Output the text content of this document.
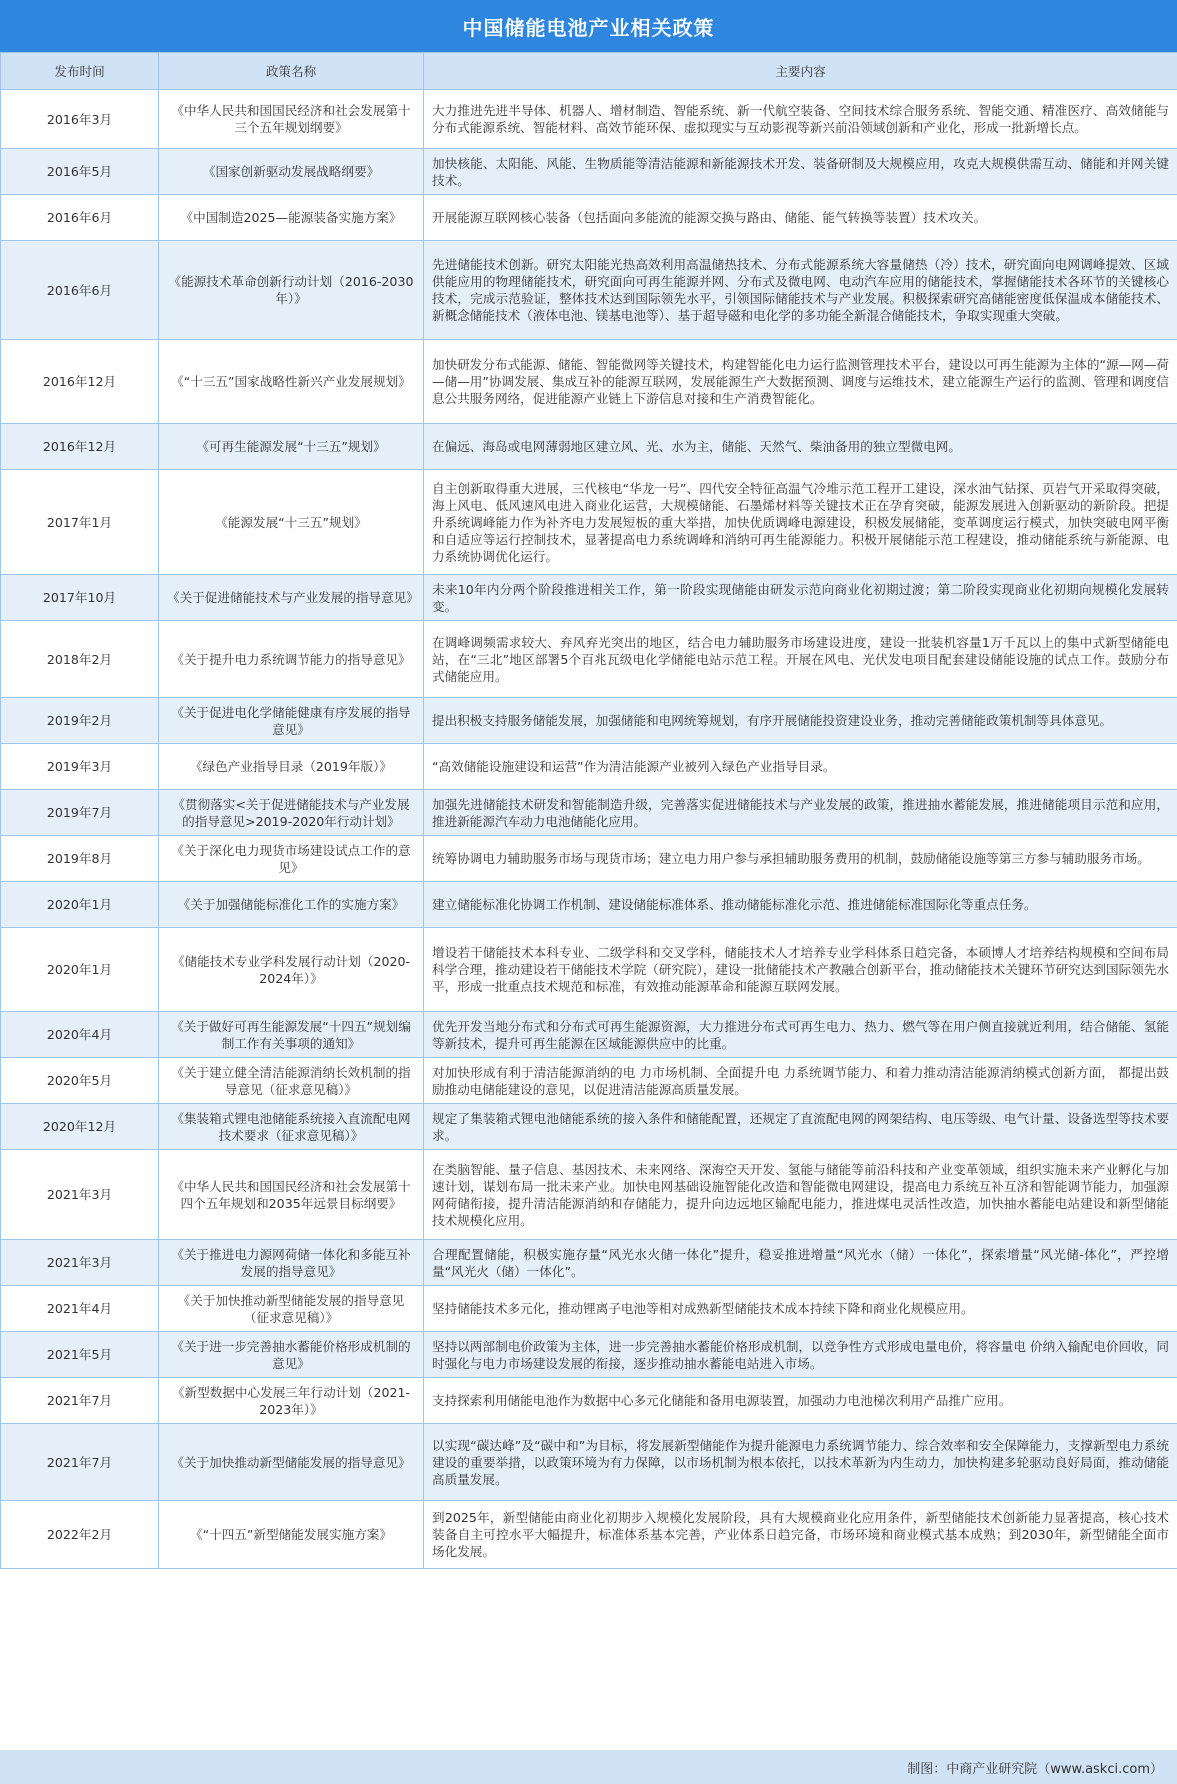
中国储能电池产业相关政策
发布时间	政策名称	主要内容
2016年3月	《中华人民共和国国民经济和社会发展第十三个五年规划纲要》	大力推进先进半导体、机器人、增材制造、智能系统、新一代航空装备、空间技术综合服务系统、智能交通、精准医疗、高效储能与分布式能源系统、智能材料、高效节能环保、虚拟现实与互动影视等新兴前沿领域创新和产业化，形成一批新增长点。
2016年5月	《国家创新驱动发展战略纲要》	加快核能、太阳能、风能、生物质能等清洁能源和新能源技术开发、装备研制及大规模应用，攻克大规模供需互动、储能和并网关键技术。
2016年6月	《中国制造2025—能源装备实施方案》	开展能源互联网核心装备（包括面向多能流的能源交换与路由、储能、能气转换等装置）技术攻关。
2016年6月	《能源技术革命创新行动计划（2016-2030年）》	先进储能技术创新。研究太阳能光热高效利用高温储热技术、分布式能源系统大容量储热（冷）技术，研究面向电网调峰提效、区域供能应用的物理储能技术，研究面向可再生能源并网、分布式及微电网、电动汽车应用的储能技术，掌握储能技术各环节的关键核心技术，完成示范验证，整体技术达到国际领先水平，引领国际储能技术与产业发展。积极探索研究高储能密度低保温成本储能技术、新概念储能技术（液体电池、镁基电池等）、基于超导磁和电化学的多功能全新混合储能技术，争取实现重大突破。
2016年12月	《“十三五”国家战略性新兴产业发展规划》	加快研发分布式能源、储能、智能微网等关键技术，构建智能化电力运行监测管理技术平台，建设以可再生能源为主体的“源—网—荷—储—用”协调发展、集成互补的能源互联网，发展能源生产大数据预测、调度与运维技术，建立能源生产运行的监测、管理和调度信息公共服务网络，促进能源产业链上下游信息对接和生产消费智能化。
2016年12月	《可再生能源发展“十三五”规划》	在偏远、海岛或电网薄弱地区建立风、光、水为主，储能、天然气、柴油备用的独立型微电网。
2017年1月	《能源发展“十三五”规划》	自主创新取得重大进展，三代核电“华龙一号”、四代安全特征高温气冷堆示范工程开工建设，深水油气钻探、页岩气开采取得突破，海上风电、低风速风电进入商业化运营，大规模储能、石墨烯材料等关键技术正在孕育突破，能源发展进入创新驱动的新阶段。把提升系统调峰能力作为补齐电力发展短板的重大举措，加快优质调峰电源建设，积极发展储能，变革调度运行模式，加快突破电网平衡和自适应等运行控制技术，显著提高电力系统调峰和消纳可再生能源能力。积极开展储能示范工程建设，推动储能系统与新能源、电力系统协调优化运行。
2017年10月	《关于促进储能技术与产业发展的指导意见》	未来10年内分两个阶段推进相关工作，第一阶段实现储能由研发示范向商业化初期过渡；第二阶段实现商业化初期向规模化发展转变。
2018年2月	《关于提升电力系统调节能力的指导意见》	在调峰调频需求较大、弃风弃光突出的地区，结合电力辅助服务市场建设进度，建设一批装机容量1万千瓦以上的集中式新型储能电站，在“三北”地区部署5个百兆瓦级电化学储能电站示范工程。开展在风电、光伏发电项目配套建设储能设施的试点工作。鼓励分布式储能应用。
2019年2月	《关于促进电化学储能健康有序发展的指导意见》	提出积极支持服务储能发展，加强储能和电网统筹规划，有序开展储能投资建设业务，推动完善储能政策机制等具体意见。
2019年3月	《绿色产业指导目录（2019年版）》	“高效储能设施建设和运营”作为清洁能源产业被列入绿色产业指导目录。
2019年7月	《贯彻落实<关于促进储能技术与产业发展的指导意见>2019-2020年行动计划》	加强先进储能技术研发和智能制造升级，完善落实促进储能技术与产业发展的政策，推进抽水蓄能发展，推进储能项目示范和应用，推进新能源汽车动力电池储能化应用。
2019年8月	《关于深化电力现货市场建设试点工作的意见》	统筹协调电力辅助服务市场与现货市场；建立电力用户参与承担辅助服务费用的机制，鼓励储能设施等第三方参与辅助服务市场。
2020年1月	《关于加强储能标准化工作的实施方案》	建立储能标准化协调工作机制、建设储能标准体系、推动储能标准化示范、推进储能标准国际化等重点任务。
2020年1月	《储能技术专业学科发展行动计划（2020-2024年）》	增设若干储能技术本科专业、二级学科和交叉学科，储能技术人才培养专业学科体系日趋完备，本硕博人才培养结构规模和空间布局科学合理，推动建设若干储能技术学院（研究院），建设一批储能技术产教融合创新平台，推动储能技术关键环节研究达到国际领先水平，形成一批重点技术规范和标准，有效推动能源革命和能源互联网发展。
2020年4月	《关于做好可再生能源发展“十四五”规划编制工作有关事项的通知》	优先开发当地分布式和分布式可再生能源资源，大力推进分布式可再生电力、热力、燃气等在用户侧直接就近利用，结合储能、氢能等新技术，提升可再生能源在区域能源供应中的比重。
2020年5月	《关于建立健全清洁能源消纳长效机制的指导意见（征求意见稿）》	对加快形成有利于清洁能源消纳的电 力市场机制、全面提升电 力系统调节能力、和着力推动清洁能源消纳模式创新方面， 都提出鼓励推动电储能建设的意见，以促进清洁能源高质量发展。
2020年12月	《集装箱式锂电池储能系统接入直流配电网技术要求（征求意见稿）》	规定了集装箱式锂电池储能系统的接入条件和储能配置，还规定了直流配电网的网架结构、电压等级、电气计量、设备选型等技术要求。
2021年3月	《中华人民共和国国民经济和社会发展第十四个五年规划和2035年远景目标纲要》	在类脑智能、量子信息、基因技术、未来网络、深海空天开发、氢能与储能等前沿科技和产业变革领域，组织实施未来产业孵化与加速计划，谋划布局一批未来产业。加快电网基础设施智能化改造和智能微电网建设，提高电力系统互补互济和智能调节能力，加强源网荷储衔接，提升清洁能源消纳和存储能力，提升向边远地区输配电能力，推进煤电灵活性改造，加快抽水蓄能电站建设和新型储能技术规模化应用。
2021年3月	《关于推进电力源网荷储一体化和多能互补发展的指导意见》	合理配置储能，积极实施存量“风光水火储一体化”提升，稳妥推进增量“风光水（储）一体化”，探索增量“风光储-体化”，严控增量“风光火（储）一体化”。
2021年4月	《关于加快推动新型储能发展的指导意见（征求意见稿）》	坚持储能技术多元化，推动锂离子电池等相对成熟新型储能技术成本持续下降和商业化规模应用。
2021年5月	《关于进一步完善抽水蓄能价格形成机制的意见》	坚持以两部制电价政策为主体，进一步完善抽水蓄能价格形成机制，以竞争性方式形成电量电价，将容量电 价纳入输配电价回收，同时强化与电力市场建设发展的衔接，逐步推动抽水蓄能电站进入市场。
2021年7月	《新型数据中心发展三年行动计划（2021-2023年）》	支持探索利用储能电池作为数据中心多元化储能和备用电源装置，加强动力电池梯次利用产品推广应用。
2021年7月	《关于加快推动新型储能发展的指导意见》	以实现“碳达峰”及“碳中和”为目标，将发展新型储能作为提升能源电力系统调节能力、综合效率和安全保障能力，支撑新型电力系统建设的重要举措，以政策环境为有力保障，以市场机制为根本依托，以技术革新为内生动力，加快构建多轮驱动良好局面，推动储能高质量发展。
2022年2月	《“十四五”新型储能发展实施方案》	到2025年，新型储能由商业化初期步入规模化发展阶段，具有大规模商业化应用条件，新型储能技术创新能力显著提高，核心技术装备自主可控水平大幅提升，标准体系基本完善，产业体系日趋完备，市场环境和商业模式基本成熟；到2030年，新型储能全面市场化发展。
制图：中商产业研究院（www.askci.com）
